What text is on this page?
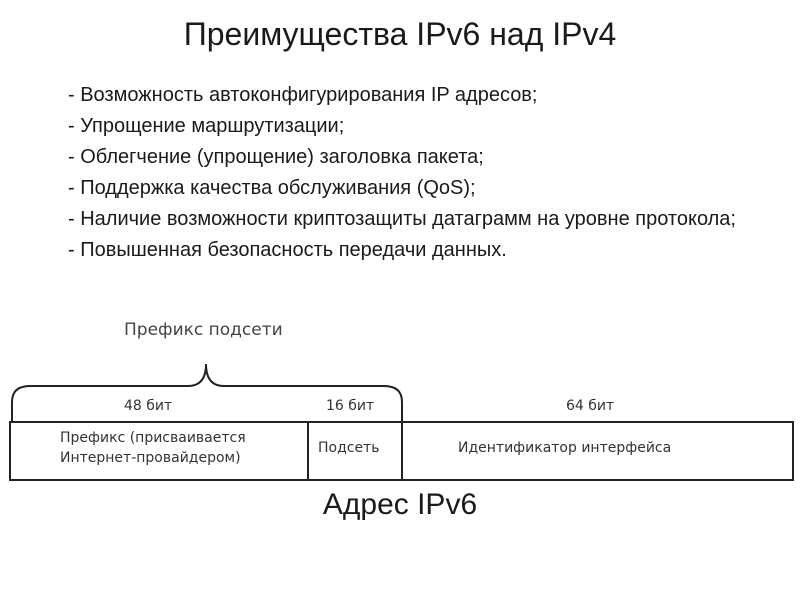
Преимущества IPv6 над IPv4

- Возможность автоконфигурирования IP адресов;

- Упрощение маршрутизации;

- Облегчение (упрощение) заголовка пакета;

- Поддержка качества обслуживания (QoS);

- Наличие возможности криптозащиты датаграмм на уровне протокола;

- Повышенная безопасность передачи данных.

Префикс подсети
48 бит	16 бит	64 бит
Префикс (присваивается
Интернет-провайдером)
Подсеть	Идентификатор интерфейса
Адрес IPv6
